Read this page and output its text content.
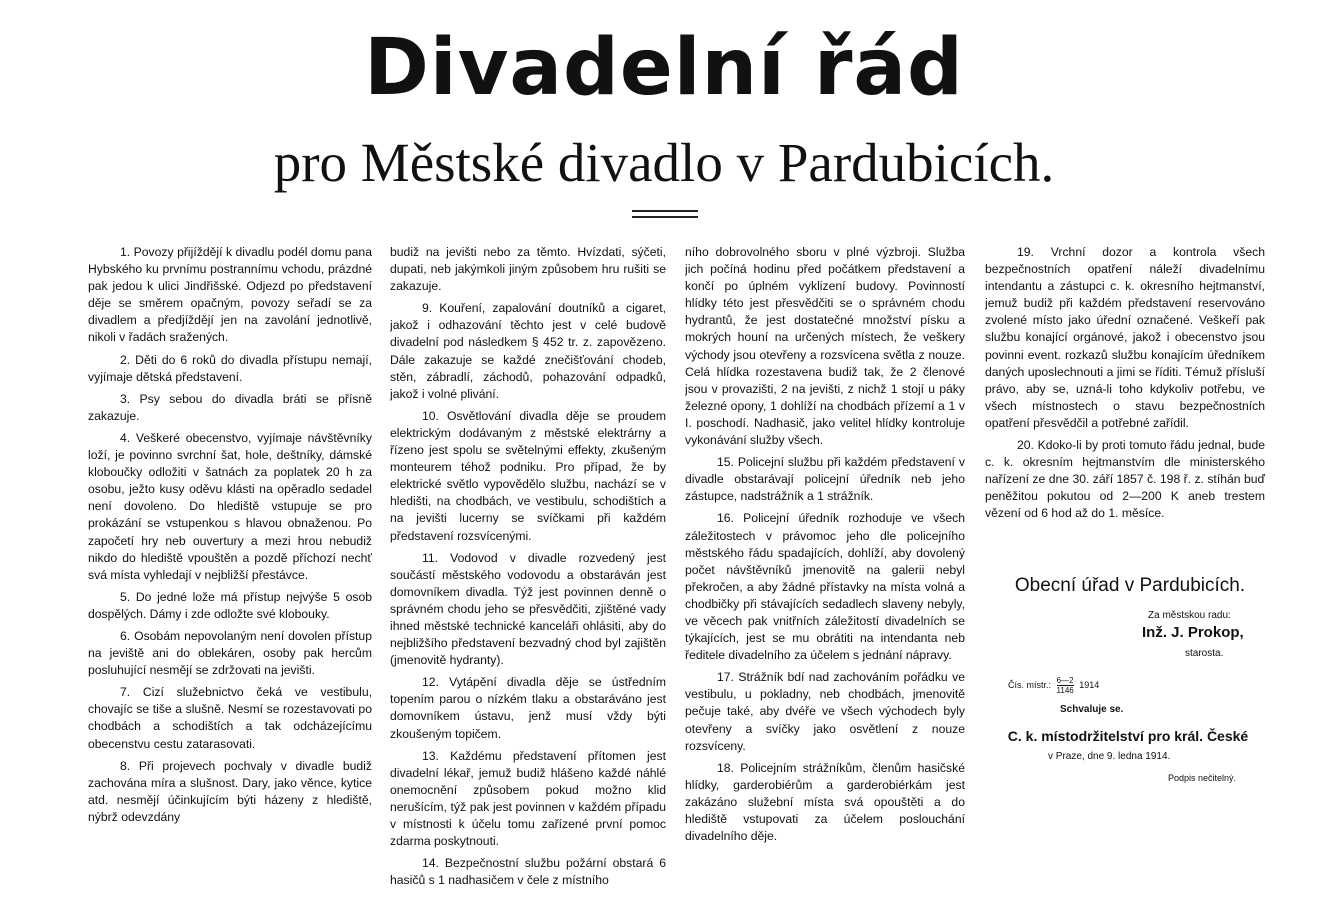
Divadelní řád
pro Městské divadlo v Pardubicích.

1. Povozy přijíždějí k divadlu podél domu pana Hybského ku prvnímu postrannímu vchodu, prázdné pak jedou k ulici Jindřišské. Odjezd po představení děje se směrem opačným, povozy seřadí se za divadlem a předjíždějí jen na zavolání jednotlivě, nikoli v řadách sražených.

2. Děti do 6 roků do divadla přístupu nemají, vyjímaje dětská představení.

3. Psy sebou do divadla bráti se přísně zakazuje.

4. Veškeré obecenstvo, vyjímaje návštěvníky loží, je povinno svrchní šat, hole, deštníky, dámské kloboučky odložiti v šatnách za poplatek 20 h za osobu, ježto kusy oděvu klásti na opěradlo sedadel není dovoleno. Do hlediště vstupuje se pro prokázání se vstupenkou s hlavou obnaženou. Po započetí hry neb ouvertury a mezi hrou nebudiž nikdo do hlediště vpouštěn a pozdě příchozí nechť svá místa vyhledají v nejbližší přestávce.

5. Do jedné lože má přístup nejvýše 5 osob dospělých. Dámy i zde odložte své klobouky.

6. Osobám nepovolaným není dovolen přístup na jeviště ani do oblekáren, osoby pak hercům posluhující nesmějí se zdržovati na jevišti.

7. Cizí služebnictvo čeká ve vestibulu, chovajíc se tiše a slušně. Nesmí se rozestavovati po chodbách a schodištích a tak odcházejícímu obecenstvu cestu zatarasovati.

8. Při projevech pochvaly v divadle budiž zachována míra a slušnost. Dary, jako věnce, kytice atd. nesmějí účinkujícím býti házeny z hlediště, nýbrž odevzdány

budiž na jevišti nebo za těmto. Hvízdati, sýčeti, dupati, neb jakýmkoli jiným způsobem hru rušiti se zakazuje.

9. Kouření, zapalování doutníků a cigaret, jakož i odhazování těchto jest v celé budově divadelní pod následkem § 452 tr. z. zapovězeno. Dále zakazuje se každé znečišťování chodeb, stěn, zábradlí, záchodů, pohazování odpadků, jakož i volné plivání.

10. Osvětlování divadla děje se proudem elektrickým dodávaným z městské elektrárny a řízeno jest spolu se světelnými effekty, zkušeným monteurem téhož podniku. Pro případ, že by elektrické světlo vypovědělo službu, nachází se v hledišti, na chodbách, ve vestibulu, schodištích a na jevišti lucerny se svíčkami při každém představení rozsvícenými.

11. Vodovod v divadle rozvedený jest součástí městského vodovodu a obstaráván jest domovníkem divadla. Týž jest povinnen denně o správném chodu jeho se přesvědčiti, zjištěné vady ihned městské technické kanceláři ohlásiti, aby do nejbližšího představení bezvadný chod byl zajištěn (jmenovitě hydranty).

12. Vytápění divadla děje se ústředním topením parou o nízkém tlaku a obstaráváno jest domovníkem ústavu, jenž musí vždy býti zkoušeným topičem.

13. Každému představení přítomen jest divadelní lékař, jemuž budiž hlášeno každé náhlé onemocnění způsobem pokud možno klid nerušícím, týž pak jest povinnen v každém případu v místnosti k účelu tomu zařízené první pomoc zdarma poskytnouti.

14. Bezpečnostní službu požární obstará 6 hasičů s 1 nadhasičem v čele z místního

ního dobrovolného sboru v plné výzbroji. Služba jich počíná hodinu před počátkem představení a končí po úplném vyklizení budovy. Povinností hlídky této jest přesvědčiti se o správném chodu hydrantů, že jest dostatečné množství písku a mokrých houní na určených místech, že veškery východy jsou otevřeny a rozsvícena světla z nouze. Celá hlídka rozestavena budiž tak, že 2 členové jsou v provazišti, 2 na jevišti, z nichž 1 stojí u páky železné opony, 1 dohlíží na chodbách přízemí a 1 v I. poschodí. Nadhasič, jako velitel hlídky kontroluje vykonávání služby všech.

15. Policejní službu při každém představení v divadle obstarávají policejní úředník neb jeho zástupce, nadstrážník a 1 strážník.

16. Policejní úředník rozhoduje ve všech záležitostech v právomoc jeho dle policejního městského řádu spadajících, dohlíží, aby dovolený počet návštěvníků jmenovitě na galerii nebyl překročen, a aby žádné přístavky na místa volná a chodbičky při stávajících sedadlech slaveny nebyly, ve věcech pak vnitřních záležitostí divadelních se týkajících, jest se mu obrátiti na intendanta neb ředitele divadelního za účelem s jednání nápravy.

17. Strážník bdí nad zachováním pořádku ve vestibulu, u pokladny, neb chodbách, jmenovitě pečuje také, aby dvéře ve všech východech byly otevřeny a svíčky jako osvětlení z nouze rozsvíceny.

18. Policejním strážníkům, členům hasičské hlídky, garderobiérům a garderobiérkám jest zakázáno služební místa svá opouštěti a do hlediště vstupovati za účelem poslouchání divadelního děje.

19. Vrchní dozor a kontrola všech bezpečnostních opatření náleží divadelnímu intendantu a zástupci c. k. okresního hejtmanství, jemuž budiž při každém představení reservováno zvolené místo jako úřední označené. Veškeří pak službu konající orgánové, jakož i obecenstvo jsou povinni event. rozkazů službu konajícím úředníkem daných uposlechnouti a jimi se říditi. Témuž přísluší právo, aby se, uzná-li toho kdykoliv potřebu, ve všech místnostech o stavu bezpečnostních opatření přesvědčil a potřebné zařídil.

20. Kdoko-li by proti tomuto řádu jednal, bude c. k. okresním hejtmanstvím dle ministerského nařízení ze dne 30. září 1857 č. 198 ř. z. stíhán buď peněžitou pokutou od 2—200 K aneb trestem vězení od 6 hod až do 1. měsíce.

Obecní úřad v Pardubicích.
Za městskou radu:
Inž. J. Prokop,
starosta.
Čís. místr.: $\frac{6—2}{1146} 1914$
Schvaluje se.
C. k. místodržitelství pro král. České
v Praze, dne 9. ledna 1914.
Podpis nečitelný.
